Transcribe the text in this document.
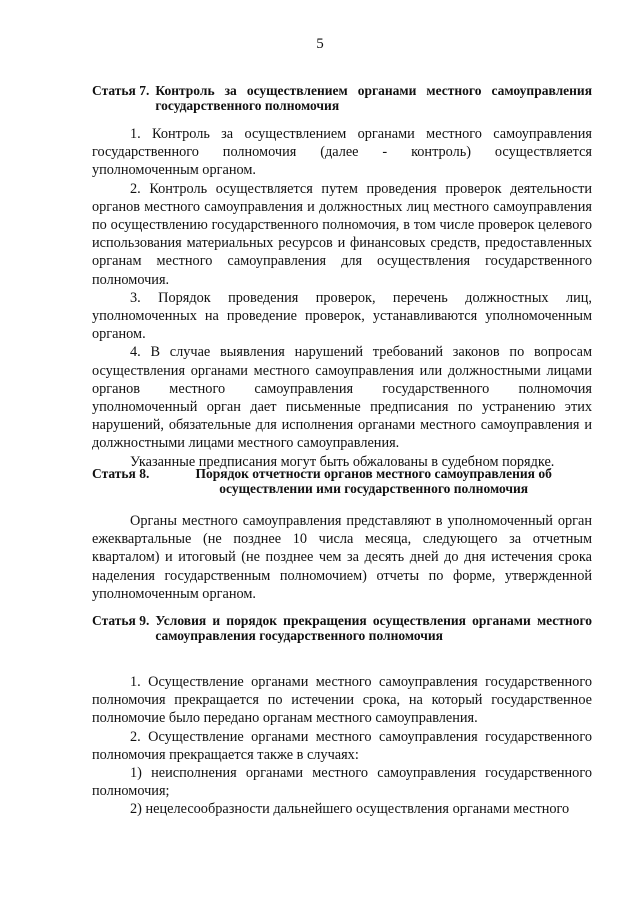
5
Статья 7. Контроль за осуществлением органами местного самоуправления государственного полномочия

1. Контроль за осуществлением органами местного самоуправления государственного полномочия (далее - контроль) осуществляется уполномоченным органом.

2. Контроль осуществляется путем проведения проверок деятельности органов местного самоуправления и должностных лиц местного самоуправления по осуществлению государственного полномочия, в том числе проверок целевого использования материальных ресурсов и финансовых средств, предоставленных органам местного самоуправления для осуществления государственного полномочия.

3. Порядок проведения проверок, перечень должностных лиц, уполномоченных на проведение проверок, устанавливаются уполномоченным органом.

4. В случае выявления нарушений требований законов по вопросам осуществления органами местного самоуправления или должностными лицами органов местного самоуправления государственного полномочия уполномоченный орган дает письменные предписания по устранению этих нарушений, обязательные для исполнения органами местного самоуправления и должностными лицами местного самоуправления.

Указанные предписания могут быть обжалованы в судебном порядке.

Статья 8.	Порядок отчетности органов местного самоуправления об осуществлении ими государственного полномочия

Органы местного самоуправления представляют в уполномоченный орган ежеквартальные (не позднее 10 числа месяца, следующего за отчетным кварталом) и итоговый (не позднее чем за десять дней до дня истечения срока наделения государственным полномочием) отчеты по форме, утвержденной уполномоченным органом.

Статья 9. Условия и порядок прекращения осуществления органами местного самоуправления государственного полномочия

1. Осуществление органами местного самоуправления государственного полномочия прекращается по истечении срока, на который государственное полномочие было передано органам местного самоуправления.

2. Осуществление органами местного самоуправления государственного полномочия прекращается также в случаях:

1) неисполнения органами местного самоуправления государственного полномочия;

2) нецелесообразности дальнейшего осуществления органами местного
